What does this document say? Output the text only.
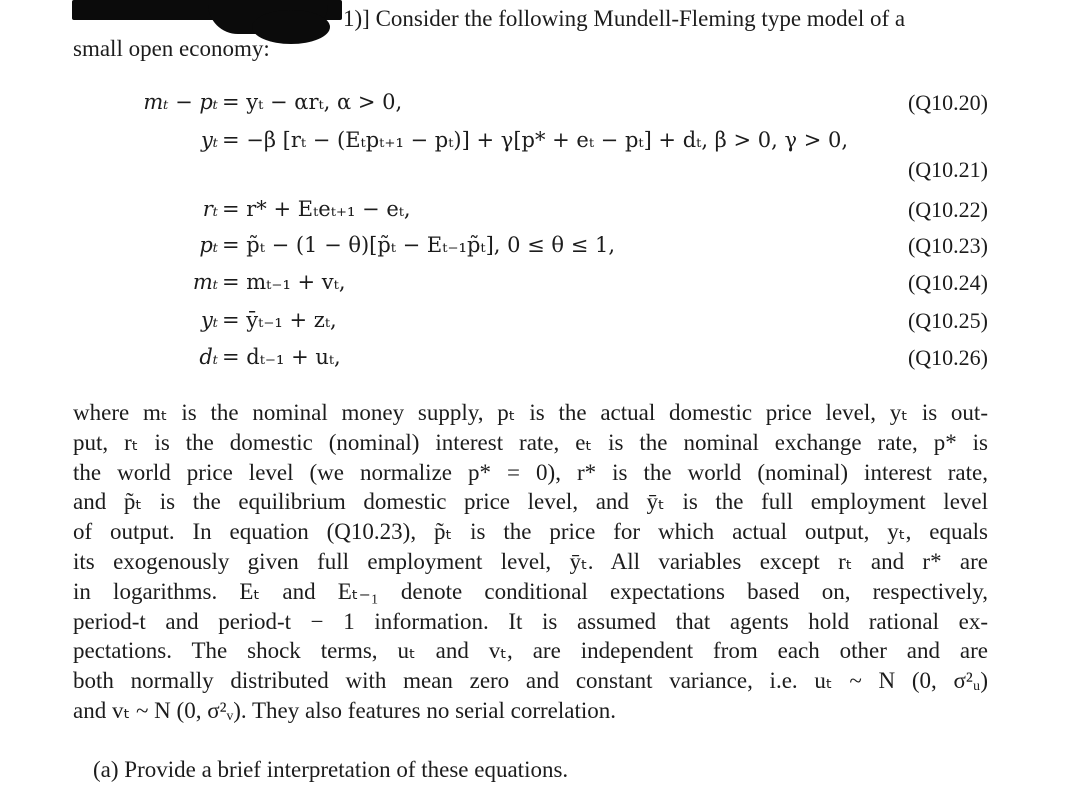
1)] Consider the following Mundell-Fleming type model of a
small open economy:
mₜ − pₜ = yₜ − αrₜ, α > 0,	(Q10.20)
yₜ = −β [rₜ − (Eₜpₜ₊₁ − pₜ)] + γ[p* + eₜ − pₜ] + dₜ, β > 0, γ > 0,
(Q10.21)
rₜ = r* + Eₜeₜ₊₁ − eₜ,	(Q10.22)
pₜ = p̃ₜ − (1 − θ)[p̃ₜ − Eₜ₋₁p̃ₜ], 0 ≤ θ ≤ 1,	(Q10.23)
mₜ = mₜ₋₁ + vₜ,	(Q10.24)
yₜ = ȳₜ₋₁ + zₜ,	(Q10.25)
dₜ = dₜ₋₁ + uₜ,	(Q10.26)
where mₜ is the nominal money supply, pₜ is the actual domestic price level, yₜ is out-
put, rₜ is the domestic (nominal) interest rate, eₜ is the nominal exchange rate, p* is
the world price level (we normalize p* = 0), r* is the world (nominal) interest rate,
and p̃ₜ is the equilibrium domestic price level, and ȳₜ is the full employment level
of output. In equation (Q10.23), p̃ₜ is the price for which actual output, yₜ, equals
its exogenously given full employment level, ȳₜ. All variables except rₜ and r* are
in logarithms. Eₜ and Eₜ₋₁ denote conditional expectations based on, respectively,
period-t and period-t − 1 information. It is assumed that agents hold rational ex-
pectations. The shock terms, uₜ and vₜ, are independent from each other and are
both normally distributed with mean zero and constant variance, i.e. uₜ ~ N (0, σ²ᵤ)
and vₜ ~ N (0, σ²ᵥ). They also features no serial correlation.
(a) Provide a brief interpretation of these equations.
